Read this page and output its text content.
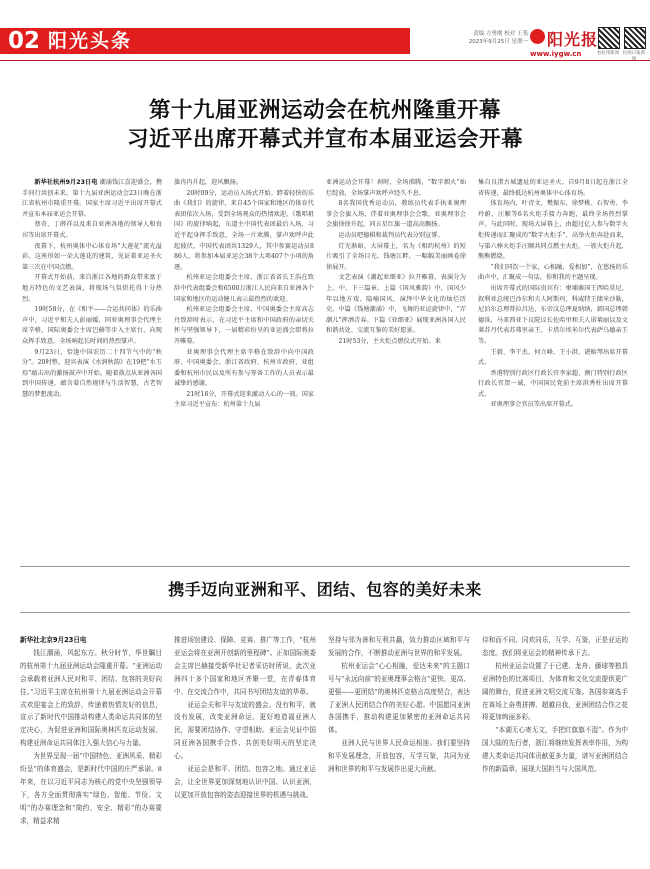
02 阳光头条	责编 方勇刚 校对 王斐
2023年9月25日 星期一 阳光报
www.iygw.cn	看杭州新闻 杭州日报新
第十九届亚洲运动会在杭州隆重开幕
习近平出席开幕式并宣布本届亚运会开幕

新华社杭州9月23日电 潮涌钱江喜迎盛会，携手同行共创未来。第十九届亚洲运动会23日晚在浙江省杭州市隆重开幕。国家主席习近平出席开幕式并宣布本届亚运会开幕。

蔡奇、丁薛祥以及来自亚洲各地的领导人和贵宾等出席开幕式。

夜幕下，杭州奥体中心体育场“大莲花”流光溢彩。这座形如一朵大莲花的建筑，见证着亚运圣火第三次在中国点燃。

开幕式开始前，来自浙江各地的群众带来富于地方特色的文艺表演，将现场气氛烘托得十分热烈。

19时58分，在《和平——合运共同体》的乐曲声中，习近平和夫人彭丽媛，同亚奥理事会代理主席辛格，国际奥委会主席巴赫等步入主席台，向现众挥手致意。全场响起长时间的热烈掌声。

9月23日，恰逢中国农历二十四节气中的“秋分”。20时整，迎宾表演《水润秋韵》在19把“水玉琮”敲击出的激扬鼓声中开始。随着鼓点从亚洲各国到中国传递，蕴含着自然规律与生活智慧，古老智慧的梦想流动。

旗冉冉升起，迎风飘扬。

20时09分，运动员入场式开始。跨着轻快的乐曲《我们》的旋律，来自45个国家和地区的体育代表团依次入场，受到全场观众的热情欢迎。《歌唱祖国》的旋律响起，东道主中国代表团最后入场，习近平起身挥手致意，全场一片欢腾，掌声欢呼声此起彼伏。中国代表团共1329人，其中参赛运动员886人，将参加本届亚运会38个大项407个小项的角逐。

杭州亚运会组委会主席、浙江省省长王浩在致辞中代表组委会和6500万浙江人民向来自亚洲各个国家和地区的运动健儿表示最热烈的欢迎。

杭州亚运会组委会主席、中国奥委会主席高志丹致辞时表示，在习近平主席和中国政府的亲切关怀与坚强领导下，一届精彩纷呈的亚运盛会即将拉开帷幕。

亚奥理事会代理主席辛格在致辞中向中国政府、中国奥委会、浙江省政府、杭州市政府、亚组委和杭州市民以及所有参与筹备工作的人员表示最诚挚的感谢。

21时16分，开幕式迎来激动人心的一刻。国家主席习近平宣布：杭州第十九届

亚洲运动会开幕！刹时，全场沸腾，“数字烟火”灿烂绽放，全场掌声欢呼声经久不息。

8名我国优秀运动员，教练员代表手执亚奥理事会会旗入场，伴着亚奥理事会会歌，亚奥理事会会旗徐徐升起，同五星红旗一道高高飘扬。

运动员吧德棋和裁判员代表分别宣誓。

灯光渐暗，大屏幕上，名为《相约杭州》的短片吸引了全场目光。钱塘江畔，一幅幅美丽画卷徐徐展开。

文艺表演《潮起亚细亚》拉开帷幕，表演分为上、中、下三篇章。上篇《国风雅韵》中，国风少年以地方戏、隐喻国风，演绎中华文化的灿烂历史。中篇《钱塘潮涌》中，飞舞的亚运旋律中，“弄潮儿”挥洒青春。下篇《亚细亚》展现亚洲各国人民和谐共处、交流互鉴的美好愿景。

21时53分，主火炬点燃仪式开始。来

集自良渚古城遗址的亚运圣火，自9月8日起在浙江全省传递，最终抵达杭州奥体中心体育场。

体育场内，叶诗文、樊振东、徐梦桃、石智勇、李玲蔚、汪顺等6名火炬手接力奔跑，最终全场热烈掌声。与此同时，现场大屏幕上，由超过亿人参与数字火炬传递而汇聚成的“数字火炬手”，高举火炬奔赴而来，与第六棒火炬手汪顺共同点燃主火炬，一簇火炬升起，熊熊燃烧。

“我们同饮一个家，心相融，爱相加”，在悠扬的乐曲声中，汇聚成一句话，你和我的主题呈现。

出席开幕式的国际贵宾有：柬埔寨国王西哈莫尼，叙利亚总统巴沙尔和夫人阿斯玛，科威特王储米沙勒，尼泊尔总理普拉昌达，东帝汶总理夏纳纳，韩国总理韩德洙，马来西亚下议院议长佐哈里和夫人诺莱丽以及文莱苏丹代表苏弗里亲王、卡塔尔埃米尔代表萨乌德亲王等。

王毅、李干杰、何立峰、王小洪、谌贻琴出席开幕式。

香港特别行政区行政长官李家超、澳门特别行政区行政长官贺一诚，中国国民党前主席洪秀柱出席开幕式。

亚奥理事会官员等出席开幕式。

携手迈向亚洲和平、团结、包容的美好未来

新华社北京9月23日电

钱江潮涌，风起东方。秋分时节，华世瞩目的杭州第十九届亚洲运动会隆重开幕。“亚洲运动会承载着亚洲人民对和平、团结、包容的美好向往。”习近平主席在杭州第十九届亚洲运动会开幕式欢迎宴会上的致辞，传递着热情友好的信息，宣示了新时代中国推动构建人类命运共同体的坚定决心，为促进亚洲和国际奥林匹克运动发展、构建亚洲命运共同体注入强大信心与力量。

为世界呈现一届“中国特色、亚洲风采、精彩纷呈”的体育盛会，是新时代中国的庄严承诺。8年来，在以习近平同志为核心的党中央坚强领导下，各方全面贯彻落实“绿色、智能、节俭、文明”的办赛理念和“简约、安全、精彩”的办赛要求，精益求精

推进场馆建设、保障、竞赛、推广等工作，“杭州亚运会将在亚洲开创新的里程碑”。正如国际奥委会主席巴赫接受新华社记者采访时所说，此次亚洲四十多个国家和地区齐聚一堂，在青春体育中、在交流合作中，共同书写团结友谊的华章。

亚运会关和平与友谊的盛会。没有和平，就没有发展，改变亚洲命运、更好地造福亚洲人民，需要团结协作、守望相助。亚运会见证中国同亚洲各国携手合作、共创美好明天的坚定决心。

亚运会是和平、团结、包容之地。通过亚运会，让全世界更加深刻地认识中国、认识亚洲，以更加开放包容的姿态迎接世界的机遇与挑战。

坚持与邻为善和互利共赢，致力推动区域和平与发展的合作，不断推动亚洲与世界的和平发展。

杭州亚运会“心心相融，爱达未来”的主题口号与“永远向前”的亚奥理事会格言“更快、更高、更强——更团结”的奥林匹克格言高度契合，表达了亚洲人民团结合作的美好心愿。中国愿同亚洲各国携手，推动构建更加紧密的亚洲命运共同体。

亚洲人民与世界人民命运相连。我们要坚持和平发展理念，开放包容，互学互鉴，共同为亚洲和世界的和平与发展作出更大贡献。

待和而不同、同欢同乐，互学、互鉴，正是亚运的态度。我们将亚运会的精神传承下去。

杭州亚运会设置了于已建、龙舟、藤球等独具亚洲特色的比赛项目，为体育和文化交流提供更广阔的舞台，促进亚洲文明交流互鉴。各国参赛选手在赛场上奋勇拼搏、超越自我，亚洲团结合作之花将更加绚丽多彩。

“本湖无心寄无文，手把红旗旗不湿”。作为中国大陆的先行者，浙江将继续发挥表率作用，为构建人类命运共同体贡献更多力量，谱写亚洲团结合作的新篇章，展现大国担当与大国风范。
